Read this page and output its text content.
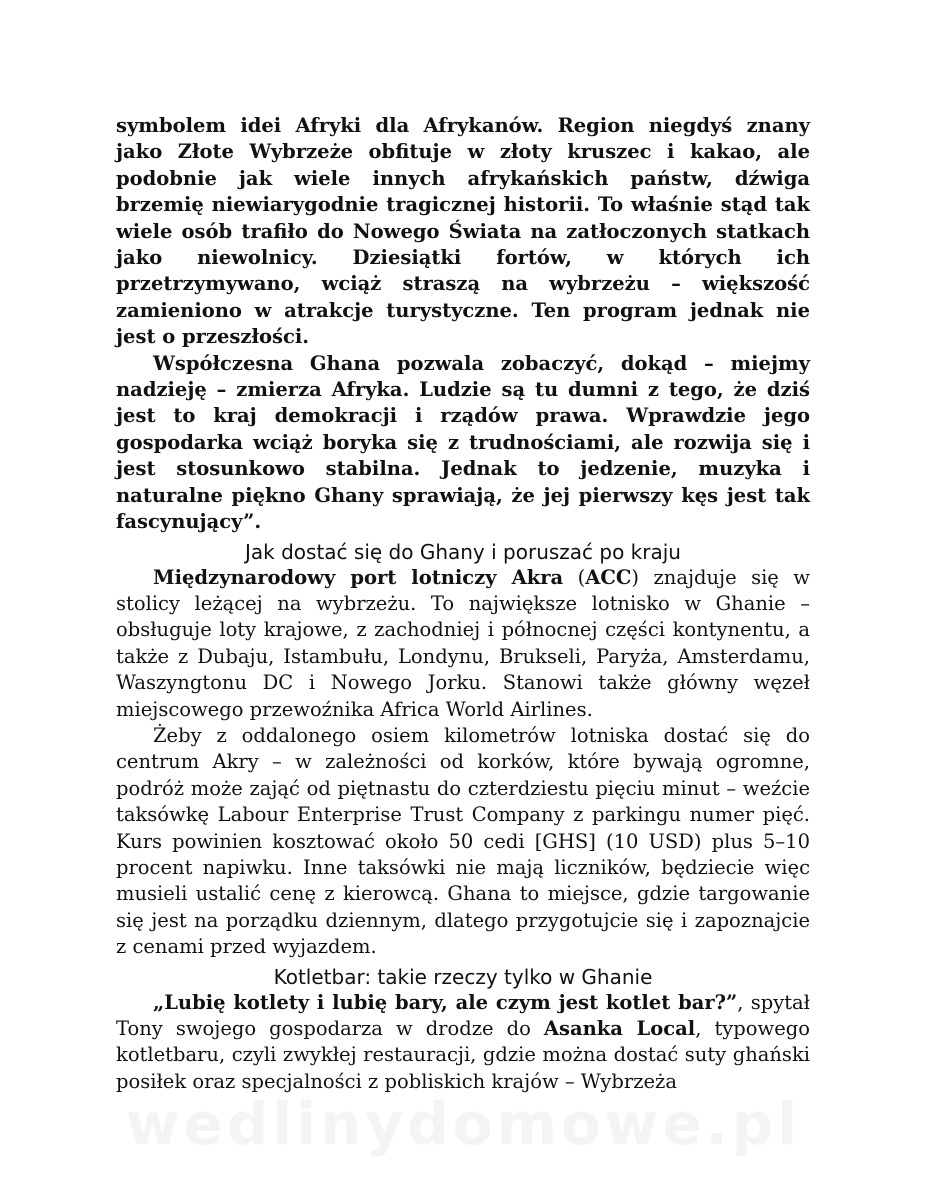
symbolem idei Afryki dla Afrykanów. Region niegdyś znany jako Złote Wybrzeże obfituje w złoty kruszec i kakao, ale podobnie jak wiele innych afrykańskich państw, dźwiga brzemię niewiarygodnie tragicznej historii. To właśnie stąd tak wiele osób trafiło do Nowego Świata na zatłoczonych statkach jako niewolnicy. Dziesiątki fortów, w których ich przetrzymywano, wciąż straszą na wybrzeżu – większość zamieniono w atrakcje turystyczne. Ten program jednak nie jest o przeszłości.

Współczesna Ghana pozwala zobaczyć, dokąd – miejmy nadzieję – zmierza Afryka. Ludzie są tu dumni z tego, że dziś jest to kraj demokracji i rządów prawa. Wprawdzie jego gospodarka wciąż boryka się z trudnościami, ale rozwija się i jest stosunkowo stabilna. Jednak to jedzenie, muzyka i naturalne piękno Ghany sprawiają, że jej pierwszy kęs jest tak fascynujący”.

Jak dostać się do Ghany i poruszać po kraju

Międzynarodowy port lotniczy Akra (ACC) znajduje się w stolicy leżącej na wybrzeżu. To największe lotnisko w Ghanie – obsługuje loty krajowe, z zachodniej i północnej części kontynentu, a także z Dubaju, Istambułu, Londynu, Brukseli, Paryża, Amsterdamu, Waszyngtonu DC i Nowego Jorku. Stanowi także główny węzeł miejscowego przewoźnika Africa World Airlines.

Żeby z oddalonego osiem kilometrów lotniska dostać się do centrum Akry – w zależności od korków, które bywają ogromne, podróż może zająć od piętnastu do czterdziestu pięciu minut – weźcie taksówkę Labour Enterprise Trust Company z parkingu numer pięć. Kurs powinien kosztować około 50 cedi [GHS] (10 USD) plus 5–10 procent napiwku. Inne taksówki nie mają liczników, będziecie więc musieli ustalić cenę z kierowcą. Ghana to miejsce, gdzie targowanie się jest na porządku dziennym, dlatego przygotujcie się i zapoznajcie z cenami przed wyjazdem.

Kotletbar: takie rzeczy tylko w Ghanie

„Lubię kotlety i lubię bary, ale czym jest kotlet bar?”, spytał Tony swojego gospodarza w drodze do Asanka Local, typowego kotletbaru, czyli zwykłej restauracji, gdzie można dostać suty ghański posiłek oraz specjalności z pobliskich krajów – Wybrzeża

wedlinydomowe.pl
